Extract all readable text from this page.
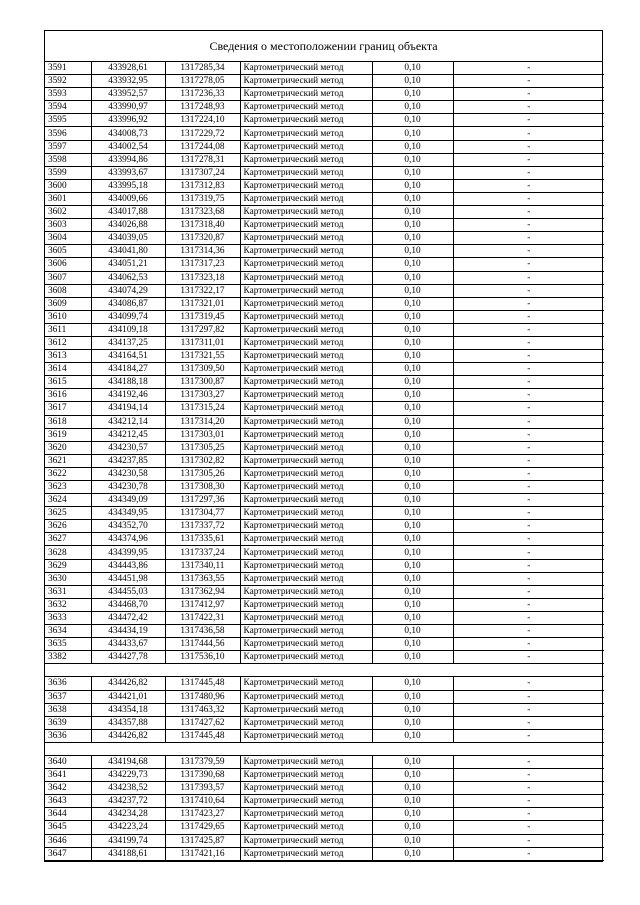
Сведения о местоположении границ объекта
3591	433928,61	1317285,34	Картометрический метод	0,10	-
3592	433932,95	1317278,05	Картометрический метод	0,10	-
3593	433952,57	1317236,33	Картометрический метод	0,10	-
3594	433990,97	1317248,93	Картометрический метод	0,10	-
3595	433996,92	1317224,10	Картометрический метод	0,10	-
3596	434008,73	1317229,72	Картометрический метод	0,10	-
3597	434002,54	1317244,08	Картометрический метод	0,10	-
3598	433994,86	1317278,31	Картометрический метод	0,10	-
3599	433993,67	1317307,24	Картометрический метод	0,10	-
3600	433995,18	1317312,83	Картометрический метод	0,10	-
3601	434009,66	1317319,75	Картометрический метод	0,10	-
3602	434017,88	1317323,68	Картометрический метод	0,10	-
3603	434026,88	1317318,40	Картометрический метод	0,10	-
3604	434039,05	1317320,87	Картометрический метод	0,10	-
3605	434041,80	1317314,36	Картометрический метод	0,10	-
3606	434051,21	1317317,23	Картометрический метод	0,10	-
3607	434062,53	1317323,18	Картометрический метод	0,10	-
3608	434074,29	1317322,17	Картометрический метод	0,10	-
3609	434086,87	1317321,01	Картометрический метод	0,10	-
3610	434099,74	1317319,45	Картометрический метод	0,10	-
3611	434109,18	1317297,82	Картометрический метод	0,10	-
3612	434137,25	1317311,01	Картометрический метод	0,10	-
3613	434164,51	1317321,55	Картометрический метод	0,10	-
3614	434184,27	1317309,50	Картометрический метод	0,10	-
3615	434188,18	1317300,87	Картометрический метод	0,10	-
3616	434192,46	1317303,27	Картометрический метод	0,10	-
3617	434194,14	1317315,24	Картометрический метод	0,10	-
3618	434212,14	1317314,20	Картометрический метод	0,10	-
3619	434212,45	1317303,01	Картометрический метод	0,10	-
3620	434230,57	1317305,25	Картометрический метод	0,10	-
3621	434237,85	1317302,82	Картометрический метод	0,10	-
3622	434230,58	1317305,26	Картометрический метод	0,10	-
3623	434230,78	1317308,30	Картометрический метод	0,10	-
3624	434349,09	1317297,36	Картометрический метод	0,10	-
3625	434349,95	1317304,77	Картометрический метод	0,10	-
3626	434352,70	1317337,72	Картометрический метод	0,10	-
3627	434374,96	1317335,61	Картометрический метод	0,10	-
3628	434399,95	1317337,24	Картометрический метод	0,10	-
3629	434443,86	1317340,11	Картометрический метод	0,10	-
3630	434451,98	1317363,55	Картометрический метод	0,10	-
3631	434455,03	1317362,94	Картометрический метод	0,10	-
3632	434468,70	1317412,97	Картометрический метод	0,10	-
3633	434472,42	1317422,31	Картометрический метод	0,10	-
3634	434434,19	1317436,58	Картометрический метод	0,10	-
3635	434433,67	1317444,56	Картометрический метод	0,10	-
3382	434427,78	1317536,10	Картометрический метод	0,10	-

3636	434426,82	1317445,48	Картометрический метод	0,10	-
3637	434421,01	1317480,96	Картометрический метод	0,10	-
3638	434354,18	1317463,32	Картометрический метод	0,10	-
3639	434357,88	1317427,62	Картометрический метод	0,10	-
3636	434426,82	1317445,48	Картометрический метод	0,10	-

3640	434194,68	1317379,59	Картометрический метод	0,10	-
3641	434229,73	1317390,68	Картометрический метод	0,10	-
3642	434238,52	1317393,57	Картометрический метод	0,10	-
3643	434237,72	1317410,64	Картометрический метод	0,10	-
3644	434234,28	1317423,27	Картометрический метод	0,10	-
3645	434223,24	1317429,65	Картометрический метод	0,10	-
3646	434199,74	1317425,87	Картометрический метод	0,10	-
3647	434188,61	1317421,16	Картометрический метод	0,10	-
